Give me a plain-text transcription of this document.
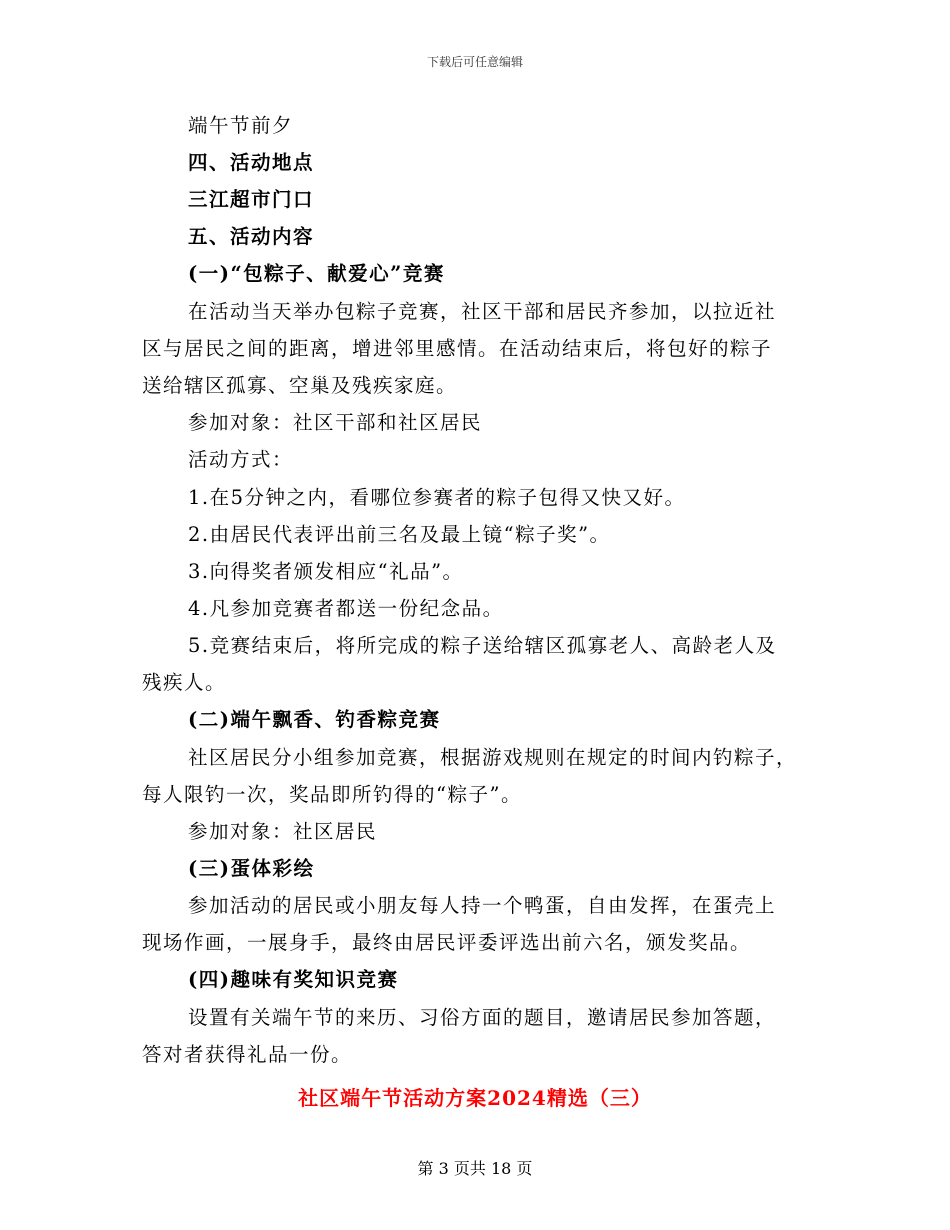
下载后可任意编辑
端午节前夕
四、活动地点
三江超市门口
五、活动内容
(一)“包粽子、献爱心”竞赛
在活动当天举办包粽子竞赛，社区干部和居民齐参加，以拉近社
区与居民之间的距离，增进邻里感情。在活动结束后，将包好的粽子
送给辖区孤寡、空巢及残疾家庭。
参加对象：社区干部和社区居民
活动方式：
1.在5分钟之内，看哪位参赛者的粽子包得又快又好。
2.由居民代表评出前三名及最上镜“粽子奖”。
3.向得奖者颁发相应“礼品”。
4.凡参加竞赛者都送一份纪念品。
5.竞赛结束后，将所完成的粽子送给辖区孤寡老人、高龄老人及
残疾人。
(二)端午飘香、钓香粽竞赛
社区居民分小组参加竞赛，根据游戏规则在规定的时间内钓粽子，
每人限钓一次，奖品即所钓得的“粽子”。
参加对象：社区居民
(三)蛋体彩绘
参加活动的居民或小朋友每人持一个鸭蛋，自由发挥，在蛋壳上
现场作画，一展身手，最终由居民评委评选出前六名，颁发奖品。
(四)趣味有奖知识竞赛
设置有关端午节的来历、习俗方面的题目，邀请居民参加答题，
答对者获得礼品一份。
社区端午节活动方案2024精选（三）
第 3 页共 18 页
